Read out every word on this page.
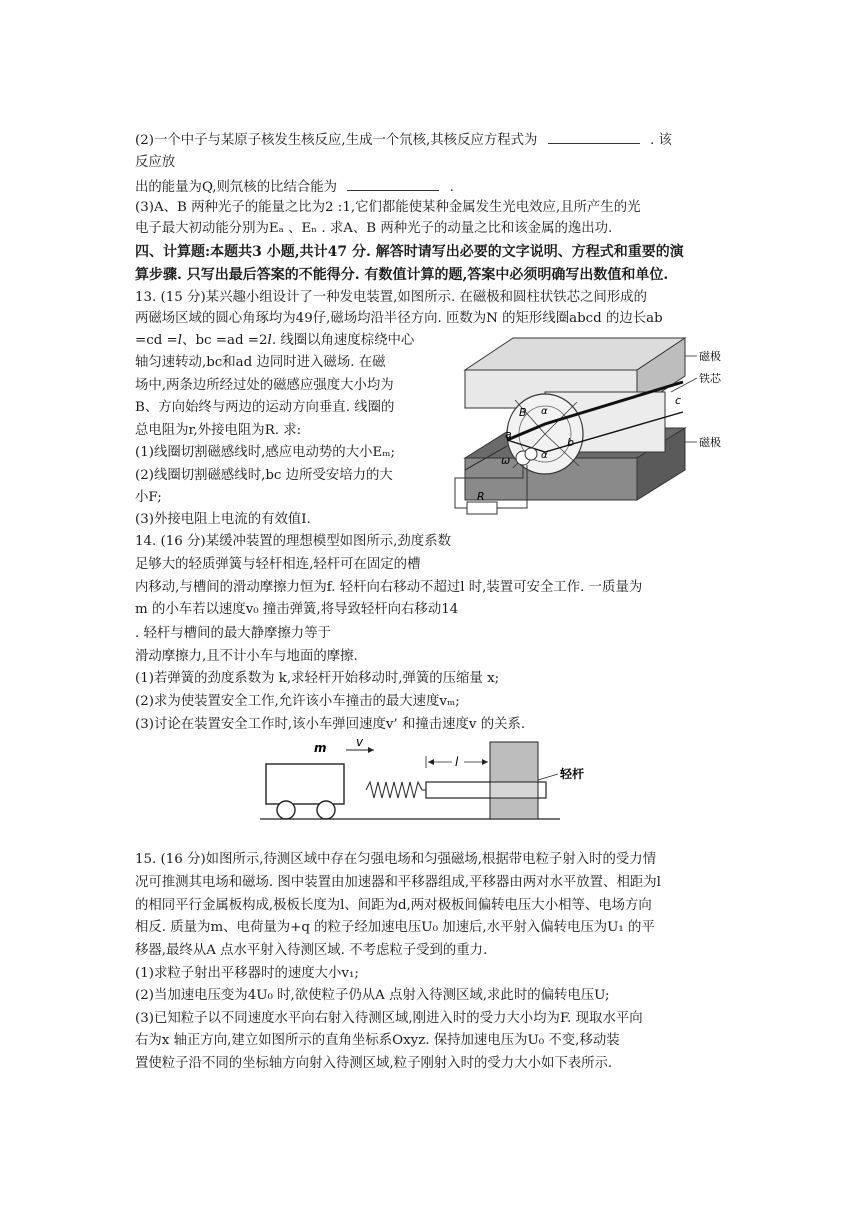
(2)一个中子与某原子核发生核反应,生成一个氘核,其核反应方程式为	. 该
反应放
出的能量为Q,则氘核的比结合能为	.
(3)A、B 两种光子的能量之比为2 :1,它们都能使某种金属发生光电效应,且所产生的光
电子最大初动能分别为Eₐ 、Eₙ . 求A、B 两种光子的动量之比和该金属的逸出功.
四、计算题:本题共3 小题,共计47 分. 解答时请写出必要的文字说明、方程式和重要的演
算步骤. 只写出最后答案的不能得分. 有数值计算的题,答案中必须明确写出数值和单位.
13. (15 分)某兴趣小组设计了一种发电装置,如图所示. 在磁极和圆柱状铁芯之间形成的
两磁场区域的圆心角琢均为49仔,磁场均沿半径方向. 匝数为N 的矩形线圈abcd 的边长ab
=cd =𝑙、bc =ad =2𝑙. 线圈以角速度棕绕中心
轴匀速转动,bc和ad 边同时进入磁场. 在磁
场中,两条边所经过处的磁感应强度大小均为
B、方向始终与两边的运动方向垂直. 线圈的
总电阻为r,外接电阻为R. 求:
(1)线圈切割磁感线时,感应电动势的大小Eₘ;
(2)线圈切割磁感线时,bc 边所受安培力的大
小F;
(3)外接电阻上电流的有效值I.
磁极
铁芯
磁极
B α
α
a
b
c
ω
R
14. (16 分)某缓冲装置的理想模型如图所示,劲度系数
足够大的轻质弹簧与轻杆相连,轻杆可在固定的槽
内移动,与槽间的滑动摩擦力恒为f. 轻杆向右移动不超过l 时,装置可安全工作. 一质量为
m 的小车若以速度v₀ 撞击弹簧,将导致轻杆向右移动14
. 轻杆与槽间的最大静摩擦力等于
滑动摩擦力,且不计小车与地面的摩擦.
(1)若弹簧的劲度系数为 k,求轻杆开始移动时,弹簧的压缩量 x;
(2)求为使装置安全工作,允许该小车撞击的最大速度vₘ;
(3)讨论在装置安全工作时,该小车弹回速度v’ 和撞击速度v 的关系.
m v
l
轻杆
15. (16 分)如图所示,待测区域中存在匀强电场和匀强磁场,根据带电粒子射入时的受力情
况可推测其电场和磁场. 图中装置由加速器和平移器组成,平移器由两对水平放置、相距为l
的相同平行金属板构成,极板长度为l、间距为d,两对极板间偏转电压大小相等、电场方向
相反. 质量为m、电荷量为+q 的粒子经加速电压U₀ 加速后,水平射入偏转电压为U₁ 的平
移器,最终从A 点水平射入待测区域. 不考虑粒子受到的重力.
(1)求粒子射出平移器时的速度大小v₁;
(2)当加速电压变为4U₀ 时,欲使粒子仍从A 点射入待测区域,求此时的偏转电压U;
(3)已知粒子以不同速度水平向右射入待测区域,刚进入时的受力大小均为F. 现取水平向
右为x 轴正方向,建立如图所示的直角坐标系Oxyz. 保持加速电压为U₀ 不变,移动装
置使粒子沿不同的坐标轴方向射入待测区域,粒子刚射入时的受力大小如下表所示.
